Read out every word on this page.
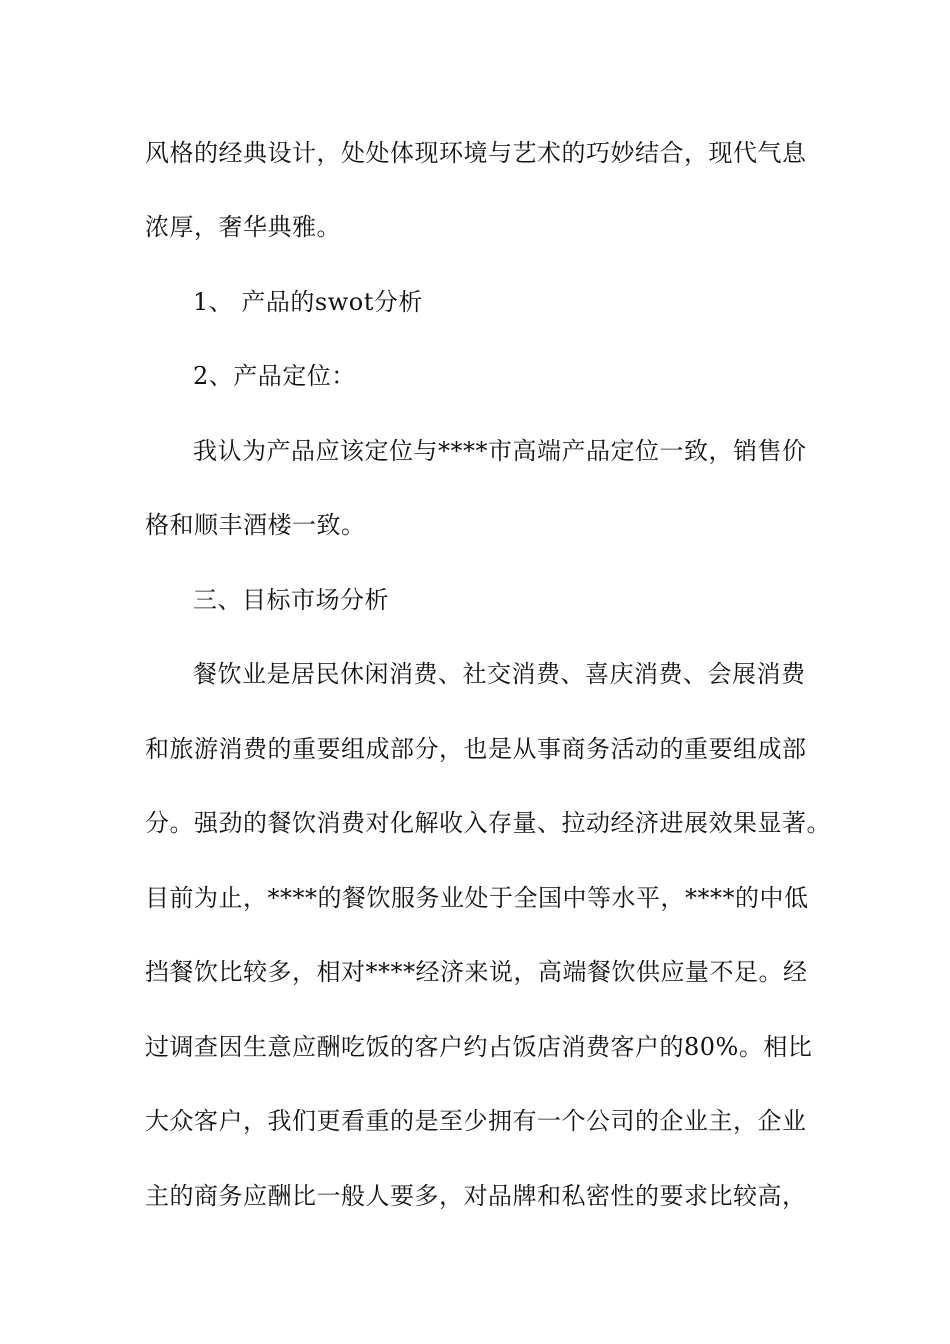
风格的经典设计，处处体现环境与艺术的巧妙结合，现代气息
浓厚，奢华典雅。
1、 产品的swot分析
2、产品定位：
我认为产品应该定位与****市高端产品定位一致，销售价
格和顺丰酒楼一致。
三、目标市场分析
餐饮业是居民休闲消费、社交消费、喜庆消费、会展消费
和旅游消费的重要组成部分，也是从事商务活动的重要组成部
分。强劲的餐饮消费对化解收入存量、拉动经济进展效果显著。
目前为止，****的餐饮服务业处于全国中等水平，****的中低
挡餐饮比较多，相对****经济来说，高端餐饮供应量不足。经
过调查因生意应酬吃饭的客户约占饭店消费客户的80%。相比
大众客户，我们更看重的是至少拥有一个公司的企业主，企业
主的商务应酬比一般人要多，对品牌和私密性的要求比较高，
